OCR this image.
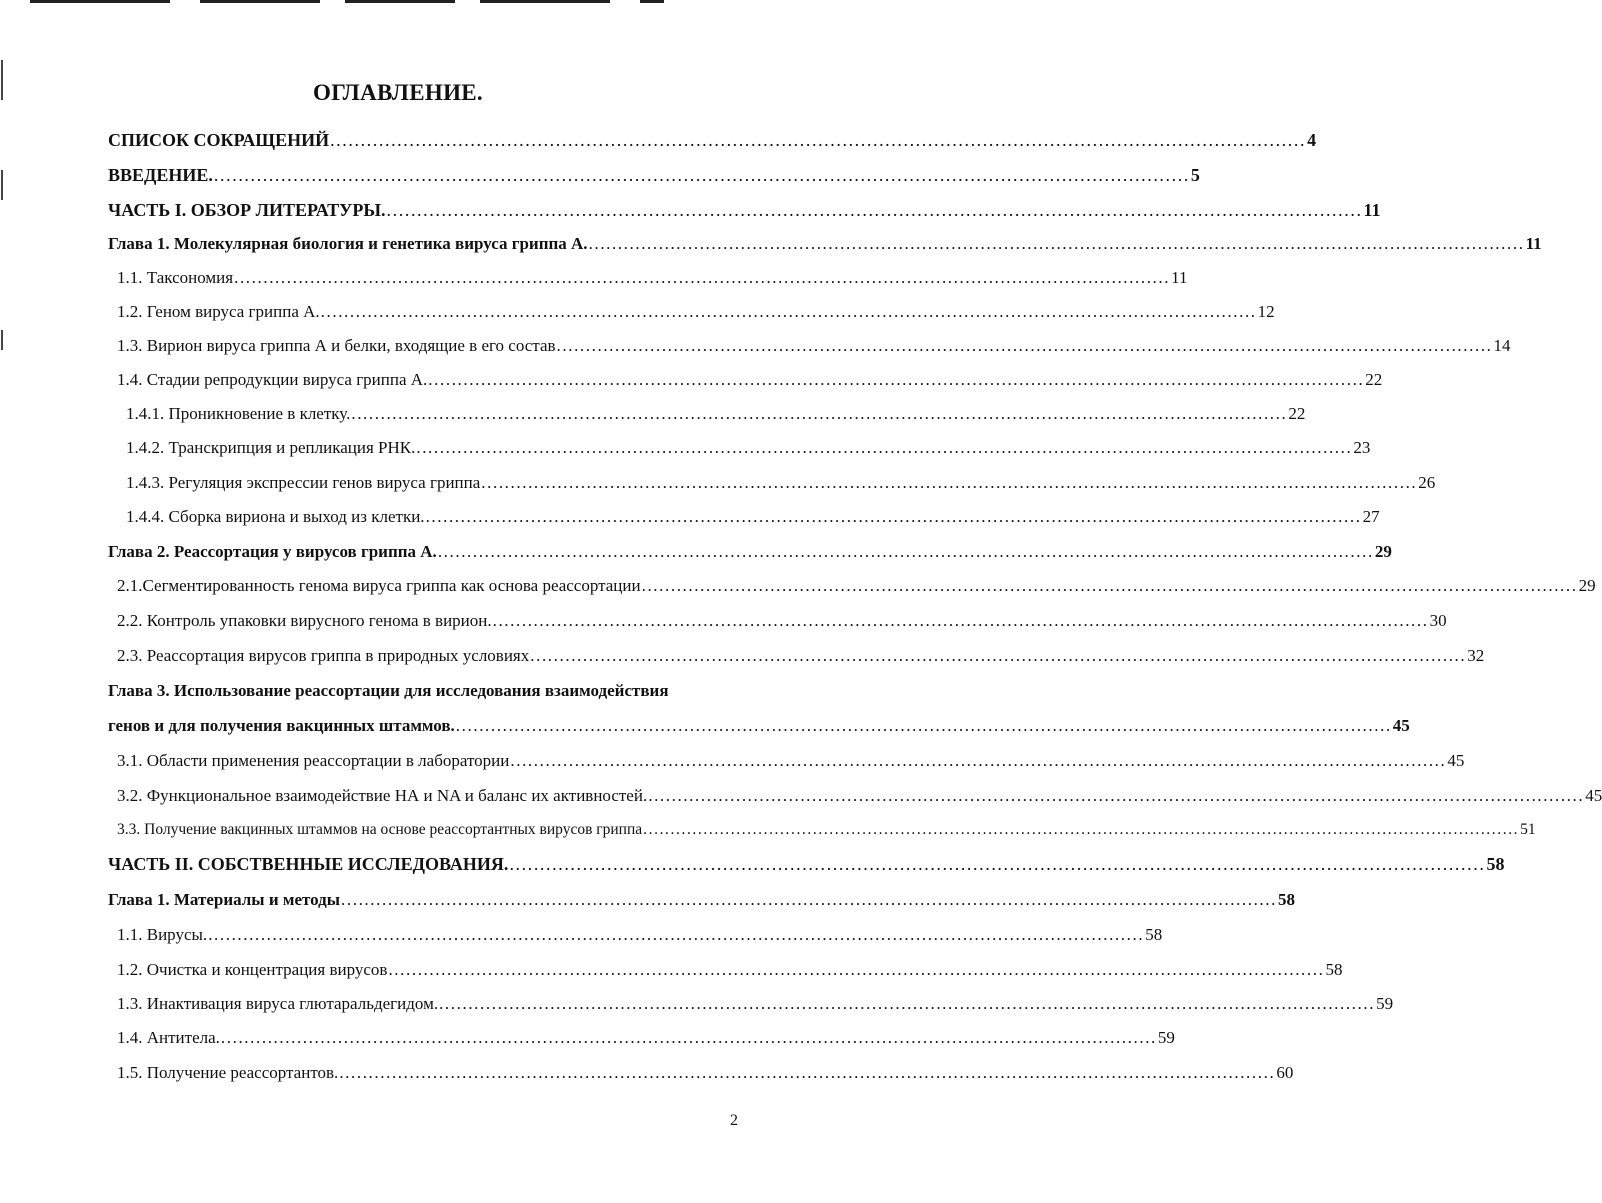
ОГЛАВЛЕНИЕ.
СПИСОК СОКРАЩЕНИЙ ................................................................................................................................................................ 4
ВВЕДЕНИЕ. ................................................................................................................................................................ 5
ЧАСТЬ I. ОБЗОР ЛИТЕРАТУРЫ. ................................................................................................................................................................ 11
Глава 1. Молекулярная биология и генетика вируса гриппа А. ................................................................................................................................................................ 11
1.1. Таксономия ................................................................................................................................................................ 11
1.2. Геном вируса гриппа А. ................................................................................................................................................................ 12
1.3. Вирион вируса гриппа А и белки, входящие в его состав ................................................................................................................................................................ 14
1.4. Стадии репродукции вируса гриппа А. ................................................................................................................................................................ 22
1.4.1. Проникновение в клетку. ................................................................................................................................................................ 22
1.4.2. Транскрипция и репликация РНК. ................................................................................................................................................................ 23
1.4.3. Регуляция экспрессии генов вируса гриппа ................................................................................................................................................................ 26
1.4.4. Сборка вириона и выход из клетки. ................................................................................................................................................................ 27
Глава 2. Реассортация у вирусов гриппа А. ................................................................................................................................................................ 29
2.1.Сегментированность генома вируса гриппа как основа реассортации ................................................................................................................................................................ 29
2.2. Контроль упаковки вирусного генома в вирион. ................................................................................................................................................................ 30
2.3. Реассортация вирусов гриппа в природных условиях ................................................................................................................................................................ 32
Глава 3. Использование реассортации для исследования взаимодействия
генов и для получения вакцинных штаммов. ................................................................................................................................................................ 45
3.1. Области применения реассортации в лаборатории ................................................................................................................................................................ 45
3.2. Функциональное взаимодействие НА и NA и баланс их активностей. ................................................................................................................................................................ 45
3.3. Получение вакцинных штаммов на основе реассортантных вирусов гриппа ................................................................................................................................................................ 51
ЧАСТЬ II. СОБСТВЕННЫЕ ИССЛЕДОВАНИЯ. ................................................................................................................................................................ 58
Глава 1. Материалы и методы ................................................................................................................................................................ 58
1.1. Вирусы. ................................................................................................................................................................ 58
1.2. Очистка и концентрация вирусов ................................................................................................................................................................ 58
1.3. Инактивация вируса глютаральдегидом. ................................................................................................................................................................ 59
1.4. Антитела. ................................................................................................................................................................ 59
1.5. Получение реассортантов. ................................................................................................................................................................ 60
2
